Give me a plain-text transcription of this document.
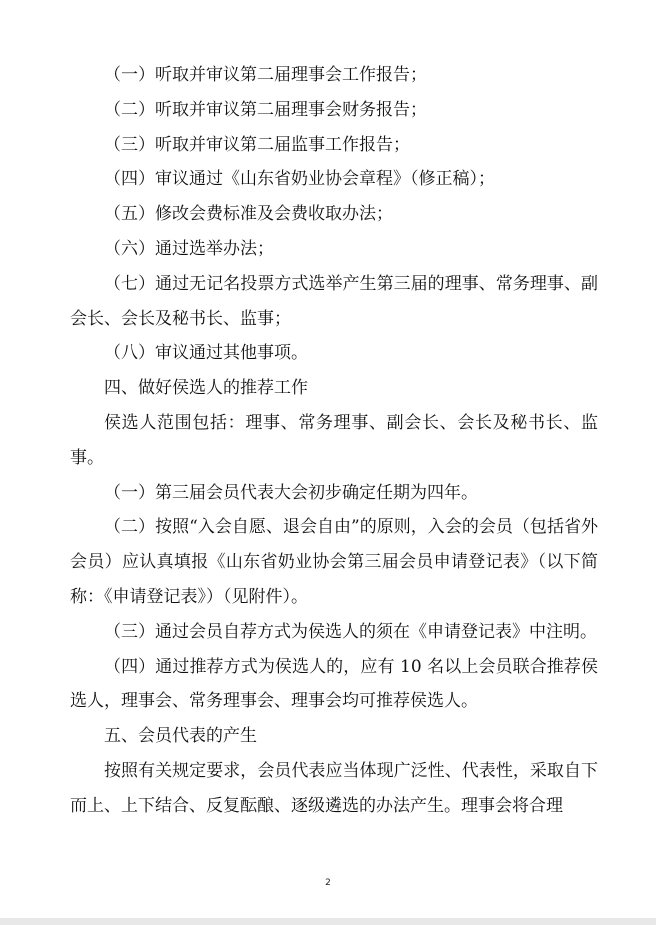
（一）听取并审议第二届理事会工作报告；

（二）听取并审议第二届理事会财务报告；

（三）听取并审议第二届监事工作报告；

（四）审议通过《山东省奶业协会章程》（修正稿）；

（五）修改会费标准及会费收取办法；

（六）通过选举办法；

（七）通过无记名投票方式选举产生第三届的理事、常务理事、副会长、会长及秘书长、监事；

（八）审议通过其他事项。

四、做好侯选人的推荐工作

侯选人范围包括：理事、常务理事、副会长、会长及秘书长、监事。

（一）第三届会员代表大会初步确定任期为四年。

（二）按照“入会自愿、退会自由”的原则，入会的会员（包括省外会员）应认真填报《山东省奶业协会第三届会员申请登记表》（以下简称：《申请登记表》）（见附件）。

（三）通过会员自荐方式为侯选人的须在《申请登记表》中注明。

（四）通过推荐方式为侯选人的，应有 10 名以上会员联合推荐侯选人，理事会、常务理事会、理事会均可推荐侯选人。

五、会员代表的产生

按照有关规定要求，会员代表应当体现广泛性、代表性，采取自下而上、上下结合、反复酝酿、逐级遴选的办法产生。理事会将合理

2
